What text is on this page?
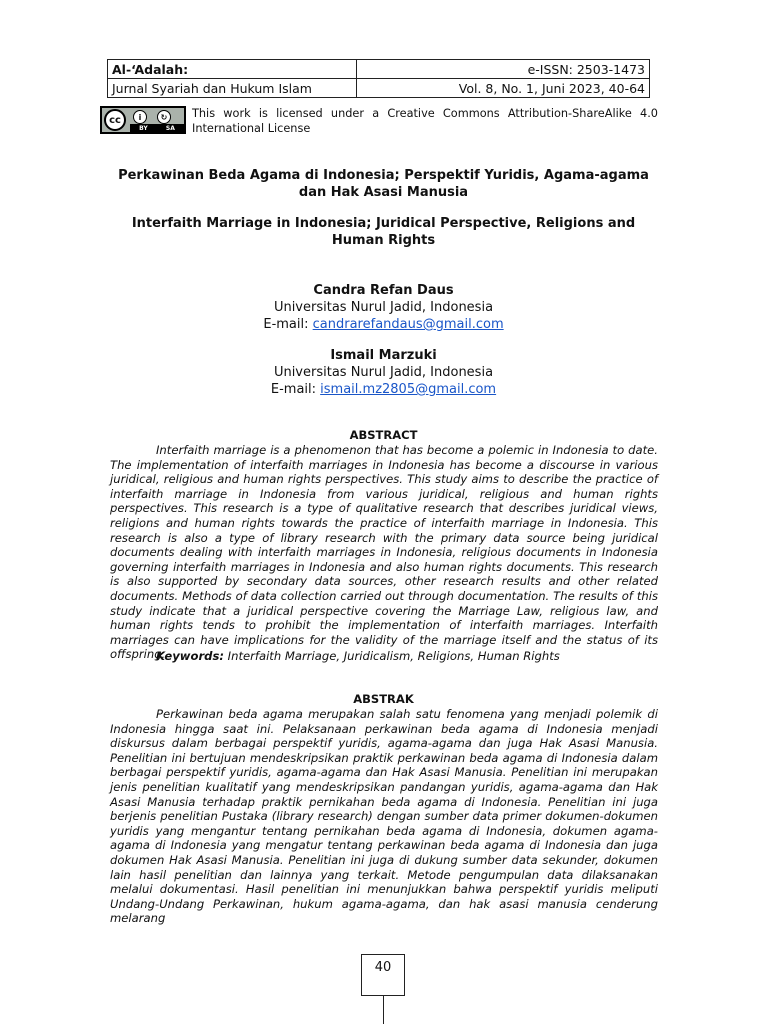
Al-‘Adalah:	e-ISSN: 2503-1473
Jurnal Syariah dan Hukum Islam	Vol. 8, No. 1, Juni 2023, 40-64
cc	i	↻
BY	SA
This work is licensed under a Creative Commons Attribution-ShareAlike 4.0 International License
Perkawinan Beda Agama di Indonesia; Perspektif Yuridis, Agama-agama dan Hak Asasi Manusia
Interfaith Marriage in Indonesia; Juridical Perspective, Religions and Human Rights
Candra Refan Daus
Universitas Nurul Jadid, Indonesia
E-mail: candrarefandaus@gmail.com
Ismail Marzuki
Universitas Nurul Jadid, Indonesia
E-mail: ismail.mz2805@gmail.com
ABSTRACT

Interfaith marriage is a phenomenon that has become a polemic in Indonesia to date. The implementation of interfaith marriages in Indonesia has become a discourse in various juridical, religious and human rights perspectives. This study aims to describe the practice of interfaith marriage in Indonesia from various juridical, religious and human rights perspectives. This research is a type of qualitative research that describes juridical views, religions and human rights towards the practice of interfaith marriage in Indonesia. This research is also a type of library research with the primary data source being juridical documents dealing with interfaith marriages in Indonesia, religious documents in Indonesia governing interfaith marriages in Indonesia and also human rights documents. This research is also supported by secondary data sources, other research results and other related documents. Methods of data collection carried out through documentation. The results of this study indicate that a juridical perspective covering the Marriage Law, religious law, and human rights tends to prohibit the implementation of interfaith marriages. Interfaith marriages can have implications for the validity of the marriage itself and the status of its offspring.

Keywords: Interfaith Marriage, Juridicalism, Religions, Human Rights
ABSTRAK

Perkawinan beda agama merupakan salah satu fenomena yang menjadi polemik di Indonesia hingga saat ini. Pelaksanaan perkawinan beda agama di Indonesia menjadi diskursus dalam berbagai perspektif yuridis, agama-agama dan juga Hak Asasi Manusia. Penelitian ini bertujuan mendeskripsikan praktik perkawinan beda agama di Indonesia dalam berbagai perspektif yuridis, agama-agama dan Hak Asasi Manusia. Penelitian ini merupakan jenis penelitian kualitatif yang mendeskripsikan pandangan yuridis, agama-agama dan Hak Asasi Manusia terhadap praktik pernikahan beda agama di Indonesia. Penelitian ini juga berjenis penelitian Pustaka (library research) dengan sumber data primer dokumen-dokumen yuridis yang mengantur tentang pernikahan beda agama di Indonesia, dokumen agama-agama di Indonesia yang mengatur tentang perkawinan beda agama di Indonesia dan juga dokumen Hak Asasi Manusia. Penelitian ini juga di dukung sumber data sekunder, dokumen lain hasil penelitian dan lainnya yang terkait. Metode pengumpulan data dilaksanakan melalui dokumentasi. Hasil penelitian ini menunjukkan bahwa perspektif yuridis meliputi Undang-Undang Perkawinan, hukum agama-agama, dan hak asasi manusia cenderung melarang

40
